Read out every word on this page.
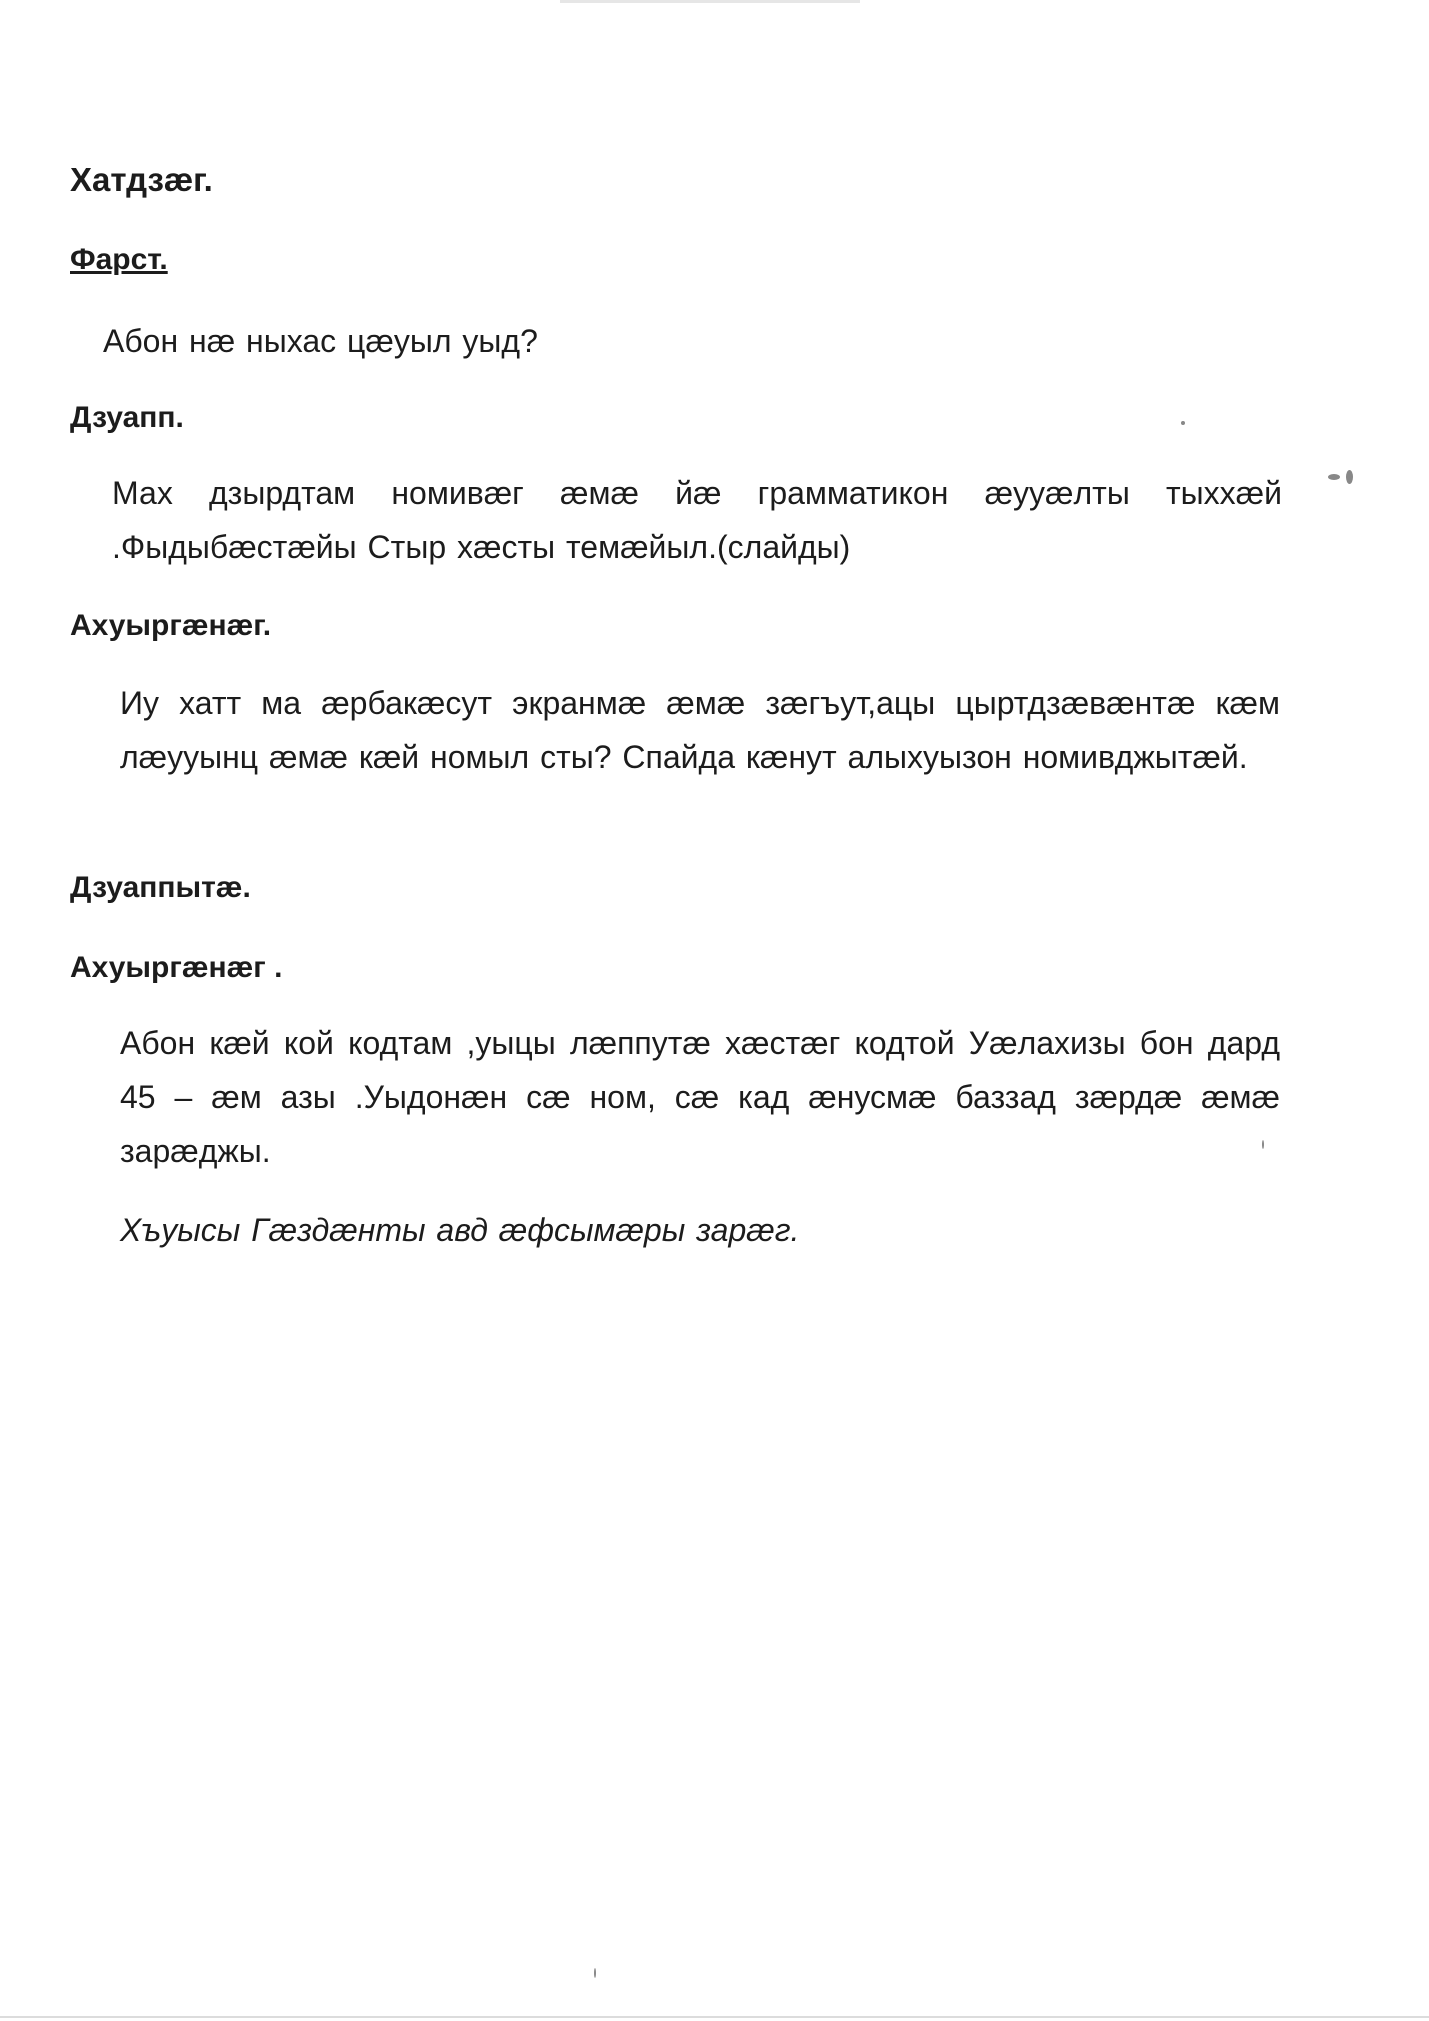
Хатдзæг.
Фарст.
Абон нæ ныхас цæуыл уыд?
Дзуапп.
Мах дзырдтам номивæг æмæ йæ грамматикон æууæлты тыххæй .Фыдыбæстæйы Стыр хæсты темæйыл.(слайды)
Ахуыргæнæг.
Иу хатт ма æрбакæсут экранмæ æмæ зæгъут,ацы цыртдзæвæнтæ кæм лæууынц æмæ кæй номыл сты? Спайда кæнут алыхуызон номивджытæй.
Дзуаппытæ.
Ахуыргæнæг .
Абон кæй кой кодтам ,уыцы лæппутæ хæстæг кодтой Уæлахизы бон дард 45 – æм азы .Уыдонæн сæ ном, сæ кад æнусмæ баззад зæрдæ æмæ зарæджы.
Хъуысы Гæздæнты авд æфсымæры зарæг.
